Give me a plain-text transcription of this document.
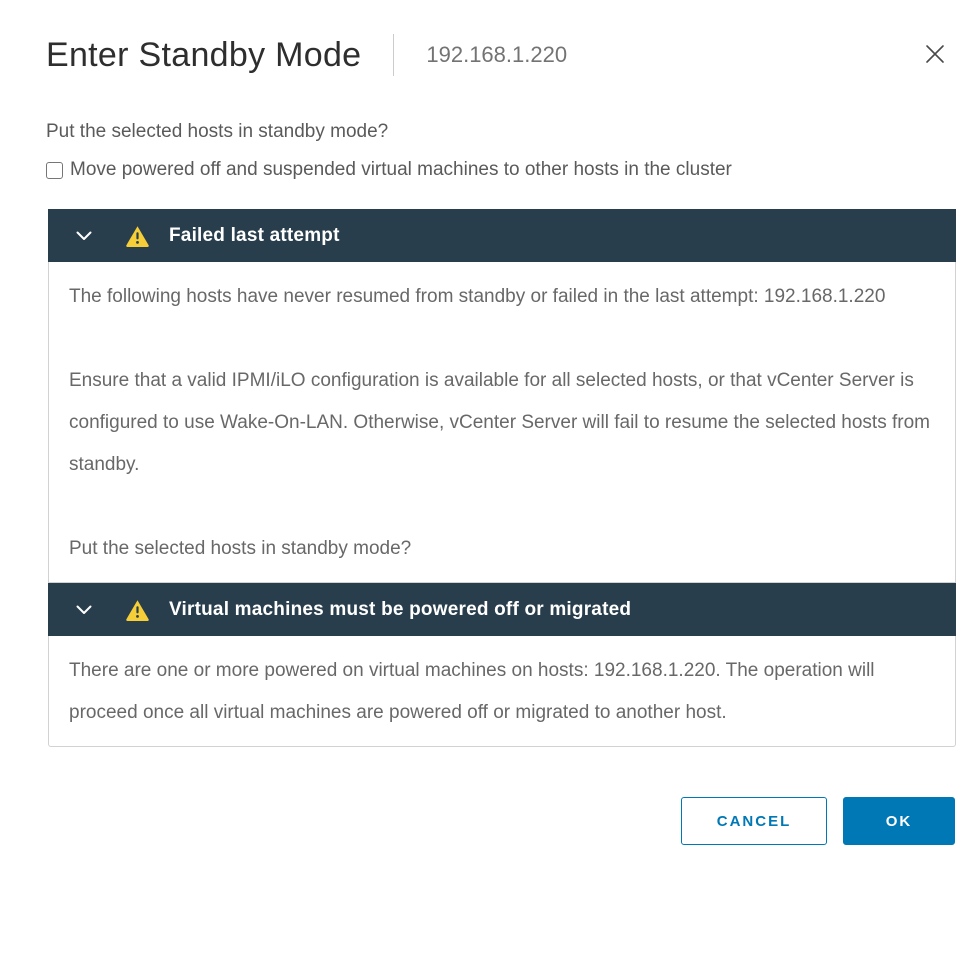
Enter Standby Mode	192.168.1.220

Put the selected hosts in standby mode?

Move powered off and suspended virtual machines to other hosts in the cluster
Failed last attempt

The following hosts have never resumed from standby or failed in the last attempt: 192.168.1.220

Ensure that a valid IPMI/iLO configuration is available for all selected hosts, or that vCenter Server is configured to use Wake-On-LAN. Otherwise, vCenter Server will fail to resume the selected hosts from standby.

Put the selected hosts in standby mode?

Virtual machines must be powered off or migrated

There are one or more powered on virtual machines on hosts: 192.168.1.220. The operation will proceed once all virtual machines are powered off or migrated to another host.

CANCEL	OK
